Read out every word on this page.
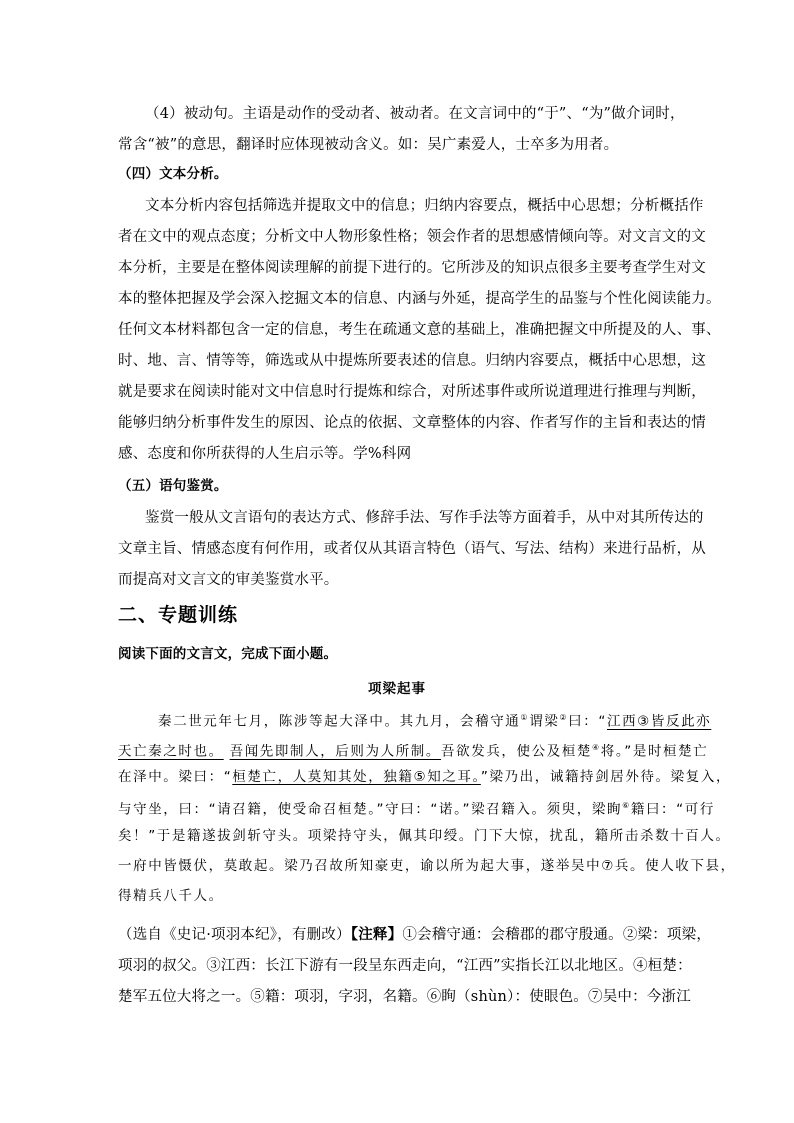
（4）被动句。主语是动作的受动者、被动者。在文言词中的“于”、“为”做介词时，
常含“被”的意思，翻译时应体现被动含义。如：吴广素爱人，士卒多为用者。
（四）文本分析。
文本分析内容包括筛选并提取文中的信息；归纳内容要点，概括中心思想；分析概括作
者在文中的观点态度；分析文中人物形象性格；领会作者的思想感情倾向等。对文言文的文
本分析，主要是在整体阅读理解的前提下进行的。它所涉及的知识点很多主要考查学生对文
本的整体把握及学会深入挖掘文本的信息、内涵与外延，提高学生的品鉴与个性化阅读能力。
任何文本材料都包含一定的信息，考生在疏通文意的基础上，准确把握文中所提及的人、事、
时、地、言、情等等，筛选或从中提炼所要表述的信息。归纳内容要点，概括中心思想，这
就是要求在阅读时能对文中信息时行提炼和综合，对所述事件或所说道理进行推理与判断，
能够归纳分析事件发生的原因、论点的依据、文章整体的内容、作者写作的主旨和表达的情
感、态度和你所获得的人生启示等。学%科网
（五）语句鉴赏。
鉴赏一般从文言语句的表达方式、修辞手法、写作手法等方面着手，从中对其所传达的
文章主旨、情感态度有何作用，或者仅从其语言特色（语气、写法、结构）来进行品析，从
而提高对文言文的审美鉴赏水平。
二、专题训练
阅读下面的文言文，完成下面小题。
项梁起事
秦二世元年七月，陈涉等起大泽中。其九月，会稽守通①谓梁②曰：“江西③皆反此亦
天亡秦之时也。 吾闻先即制人，后则为人所制。吾欲发兵，使公及桓楚④将。”是时桓楚亡
在泽中。梁曰：“桓楚亡，人莫知其处，独籍⑤知之耳。”梁乃出，诫籍持剑居外待。梁复入，
与守坐，曰：“请召籍，使受命召桓楚。”守曰：“诺。”梁召籍入。须臾，梁眴⑥籍曰：“可行
矣！”于是籍遂拔剑斩守头。项梁持守头，佩其印绶。门下大惊，扰乱，籍所击杀数十百人。
一府中皆慑伏，莫敢起。梁乃召故所知豪吏，谕以所为起大事，遂举吴中⑦兵。使人收下县，
得精兵八千人。
（选自《史记·项羽本纪》，有删改）【注释】①会稽守通：会稽郡的郡守殷通。②梁：项梁，
项羽的叔父。③江西：长江下游有一段呈东西走向，“江西”实指长江以北地区。④桓楚：
楚军五位大将之一。⑤籍：项羽，字羽，名籍。⑥眴（shùn）：使眼色。⑦吴中：今浙江
